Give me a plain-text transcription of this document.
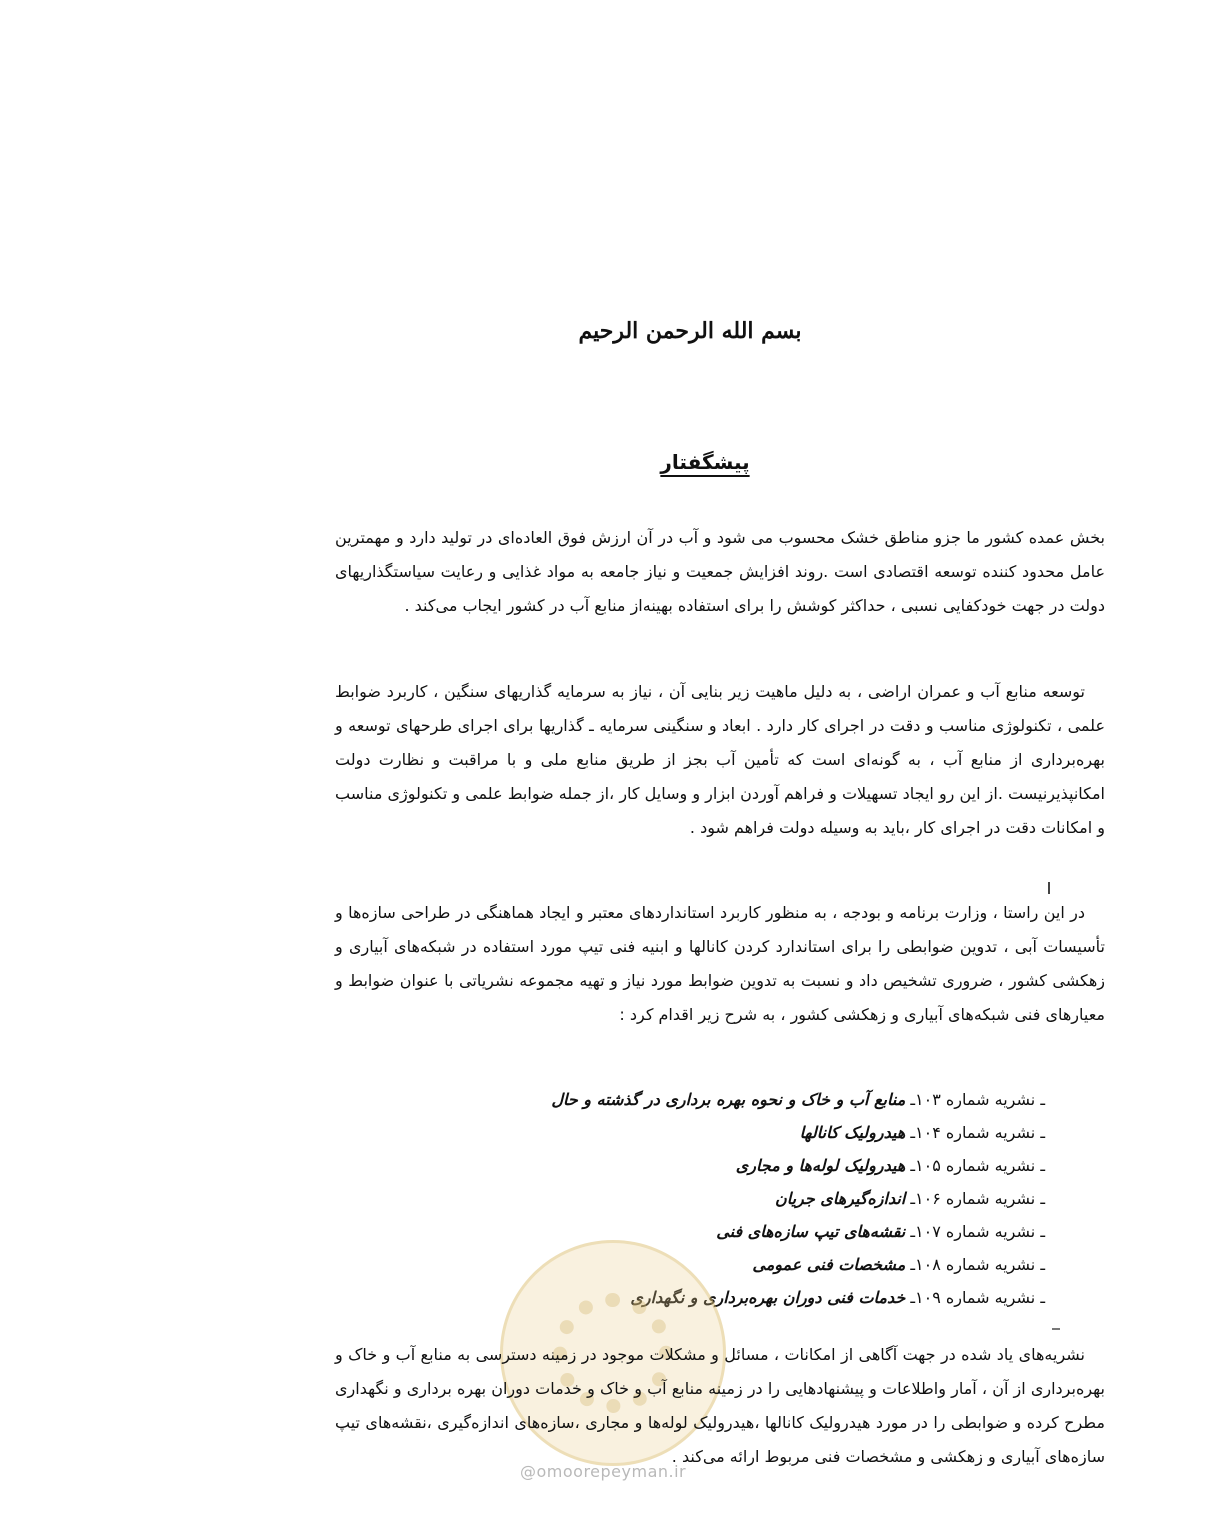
بسم الله الرحمن الرحیم
پیشگفتار

بخش عمده کشور ما جزو مناطق خشک محسوب می شود و آب در آن ارزش فوق العاده‌ای در تولید دارد و مهمترین عامل محدود کننده توسعه اقتصادی است .روند افزایش جمعیت و نیاز جامعه به مواد غذایی و رعایت سیاستگذاریهای دولت در جهت خودکفایی نسبی ، حداکثر کوشش را برای استفاده بهینه‌از منابع آب در کشور ایجاب می‌کند .

توسعه منابع آب و عمران اراضی ، به دلیل ماهیت زیر بنایی آن ، نیاز به سرمایه گذاریهای سنگین ، کاربرد ضوابط علمی ، تکنولوژی مناسب و دقت در اجرای کار دارد . ابعاد و سنگینی سرمایه ـ گذاریها برای اجرای طرحهای توسعه و بهره‌برداری از منابع آب ، به گونه‌ای است که تأمین آب بجز از طریق منابع ملی و با مراقبت و نظارت دولت امکانپذیرنیست .از این رو ایجاد تسهیلات و فراهم آوردن ابزار و وسایل کار ،از جمله ضوابط علمی و تکنولوژی مناسب و امکانات دقت در اجرای کار ،باید به وسیله دولت فراهم شود .

در این راستا ، وزارت برنامه و بودجه ، به منظور کاربرد استانداردهای معتبر و ایجاد هماهنگی در طراحی سازه‌ها و تأسیسات آبی ، تدوین ضوابطی را برای استاندارد کردن کانالها و ابنیه فنی تیپ مورد استفاده در شبکه‌های آبیاری و زهکشی کشور ، ضروری تشخیص داد و نسبت به تدوین ضوابط مورد نیاز و تهیه مجموعه نشریاتی با عنوان ضوابط و معیارهای فنی شبکه‌های آبیاری و زهکشی کشور ، به شرح زیر اقدام کرد :

ـ نشریه شماره ۱۰۳ـ منابع آب و خاک و نحوه بهره برداری در گذشته و حال
ـ نشریه شماره ۱۰۴ـ هیدرولیک کانالها
ـ نشریه شماره ۱۰۵ـ هیدرولیک لوله‌ها و مجاری
ـ نشریه شماره ۱۰۶ـ اندازه‌گیرهای جریان
ـ نشریه شماره ۱۰۷ـ نقشه‌های تیپ سازه‌های فنی
ـ نشریه شماره ۱۰۸ـ مشخصات فنی عمومی
ـ نشریه شماره ۱۰۹ـ خدمات فنی دوران بهره‌برداری و نگهداری

نشریه‌های یاد شده در جهت آگاهی از امکانات ، مسائل و مشکلات موجود در زمینه دسترسی به منابع آب و خاک و بهره‌برداری از آن ، آمار واطلاعات و پیشنهادهایی را در زمینه منابع آب و خاک و خدمات دوران بهره برداری و نگهداری مطرح کرده و ضوابطی را در مورد هیدرولیک کانالها ،هیدرولیک لوله‌ها و مجاری ،سازه‌های اندازه‌گیری ،نقشه‌های تیپ سازه‌های آبیاری و زهکشی و مشخصات فنی مربوط ارائه می‌کند .

@omoorepeyman.ir
